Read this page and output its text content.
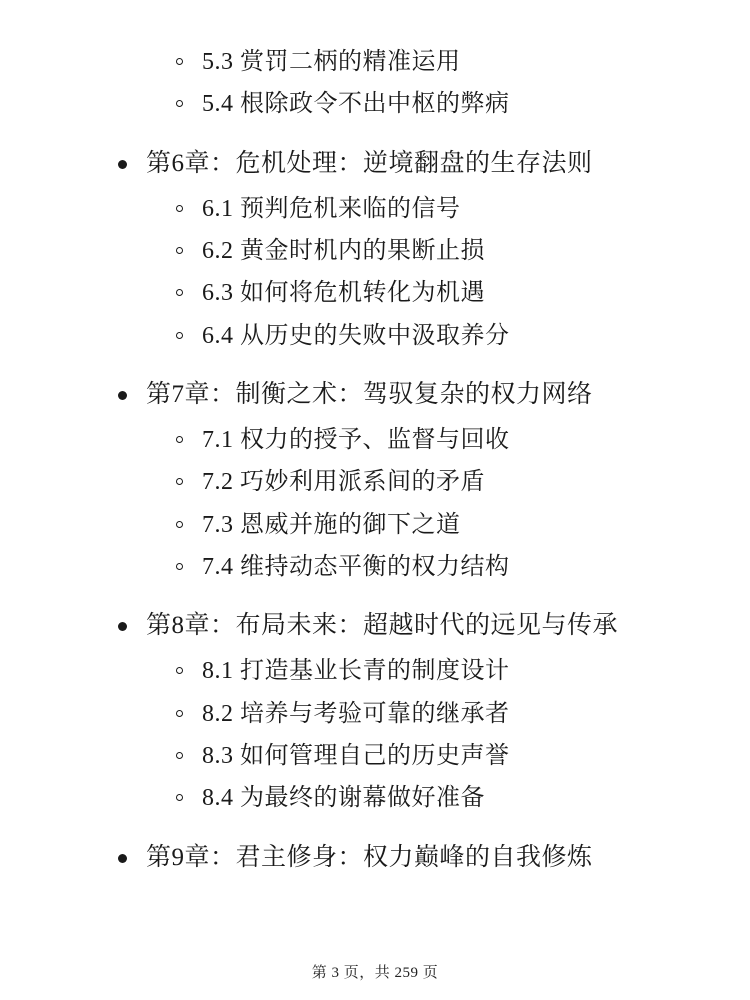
5.3 赏罚二柄的精准运用
5.4 根除政令不出中枢的弊病
第6章：危机处理：逆境翻盘的生存法则
6.1 预判危机来临的信号
6.2 黄金时机内的果断止损
6.3 如何将危机转化为机遇
6.4 从历史的失败中汲取养分
第7章：制衡之术：驾驭复杂的权力网络
7.1 权力的授予、监督与回收
7.2 巧妙利用派系间的矛盾
7.3 恩威并施的御下之道
7.4 维持动态平衡的权力结构
第8章：布局未来：超越时代的远见与传承
8.1 打造基业长青的制度设计
8.2 培养与考验可靠的继承者
8.3 如何管理自己的历史声誉
8.4 为最终的谢幕做好准备
第9章：君主修身：权力巅峰的自我修炼
第 3 页，共 259 页
